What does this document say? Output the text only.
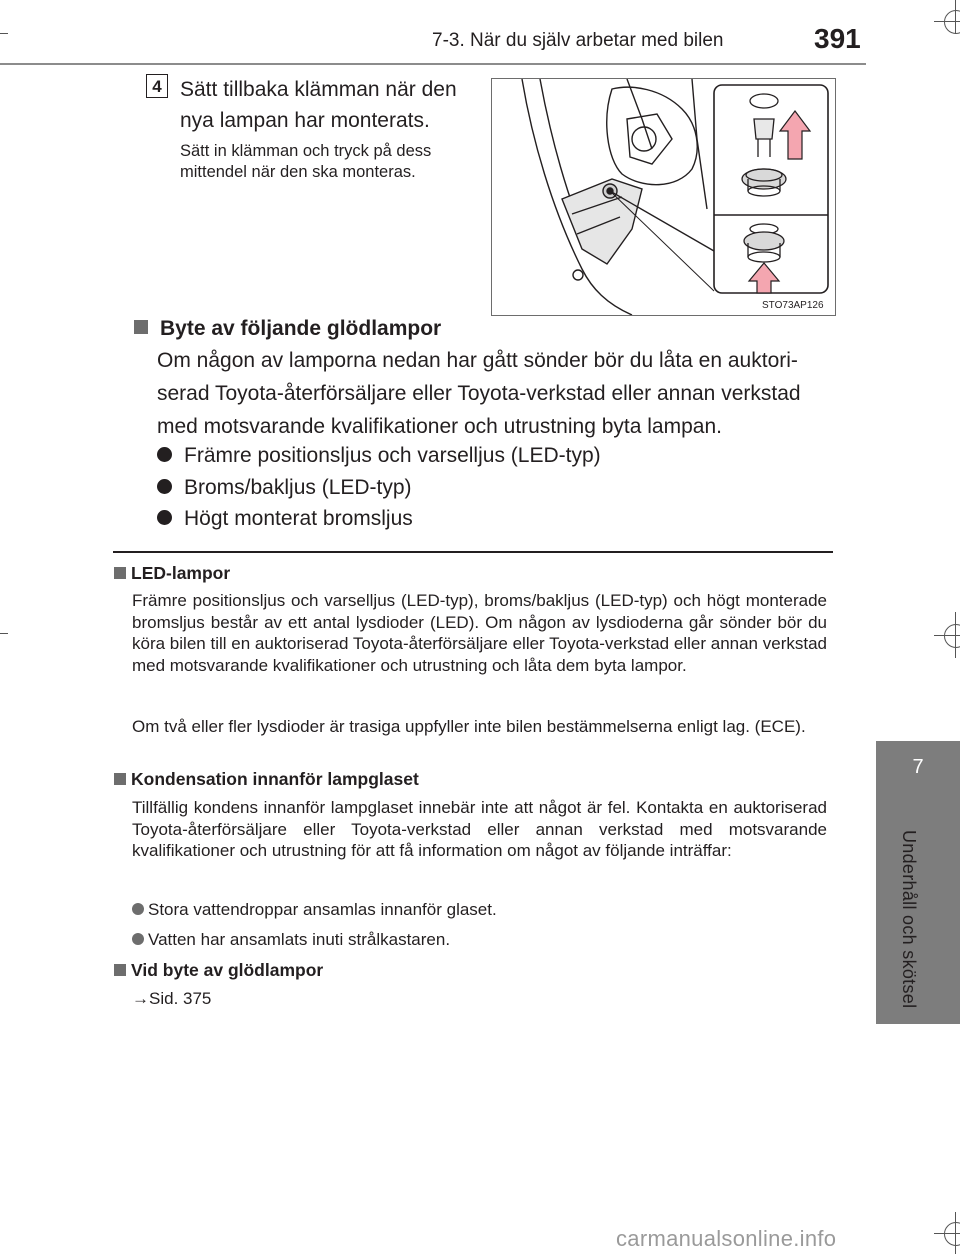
7-3. När du själv arbetar med bilen	391
7
Underhåll och skötsel
4 Sätt tillbaka klämman när den nya lampan har monterats.
Sätt in klämman och tryck på dess mittendel när den ska monteras.
STO73AP126
Byte av följande glödlampor
Om någon av lamporna nedan har gått sönder bör du låta en auktori-
serad Toyota-återförsäljare eller Toyota-verkstad eller annan verkstad
med motsvarande kvalifikationer och utrustning byta lampan.
Främre positionsljus och varselljus (LED-typ)
Broms/bakljus (LED-typ)
Högt monterat bromsljus
LED-lampor
Främre positionsljus och varselljus (LED-typ), broms/bakljus (LED-typ) och högt monterade bromsljus består av ett antal lysdioder (LED). Om någon av lysdioderna går sönder bör du köra bilen till en auktoriserad Toyota-återförsäljare eller Toyota-verkstad eller annan verkstad med motsvarande kvalifikationer och utrustning och låta dem byta lampor.
Om två eller fler lysdioder är trasiga uppfyller inte bilen bestämmelserna enligt lag. (ECE).
Kondensation innanför lampglaset
Tillfällig kondens innanför lampglaset innebär inte att något är fel. Kontakta en auktoriserad Toyota-återförsäljare eller Toyota-verkstad eller annan verkstad med motsvarande kvalifikationer och utrustning för att få information om något av följande inträffar:
Stora vattendroppar ansamlas innanför glaset.
Vatten har ansamlats inuti strålkastaren.
Vid byte av glödlampor
→Sid. 375
carmanualsonline.info
